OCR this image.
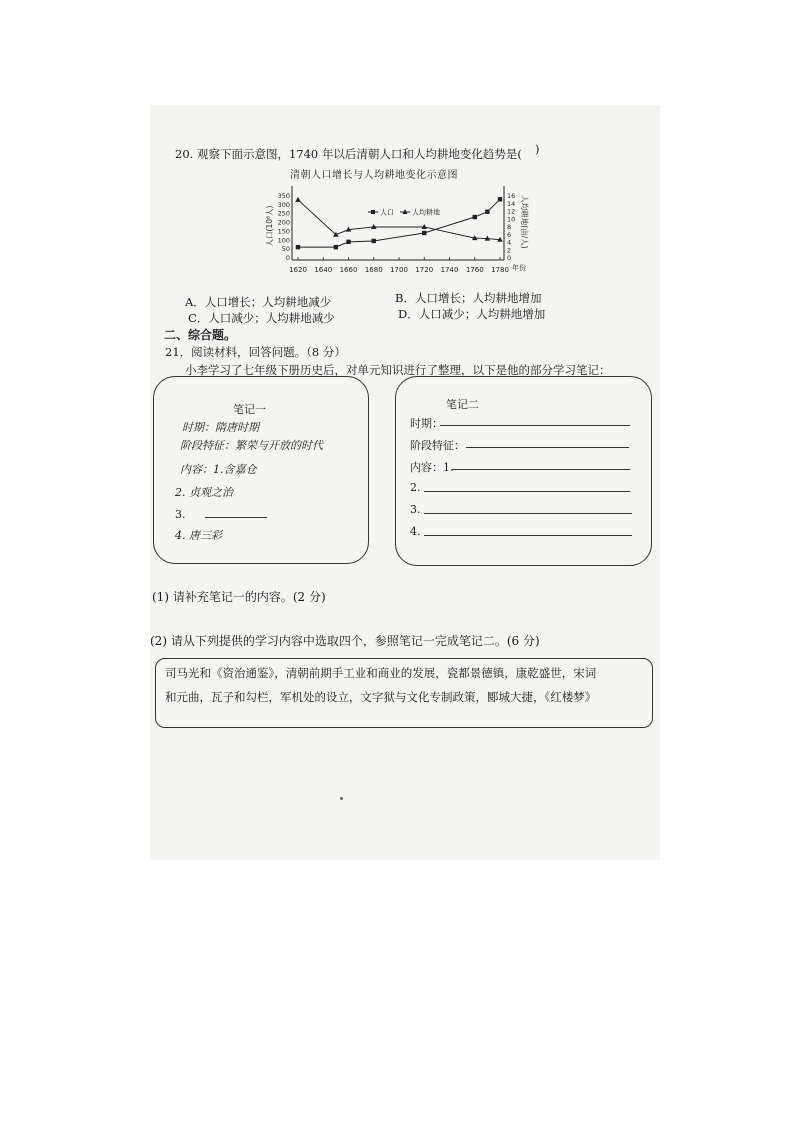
20. 观察下面示意图，1740 年以后清朝人口和人均耕地变化趋势是( )
清朝人口增长与人均耕地变化示意图
1620 1640 1660 1680 1700 1720 1740 1760 1780 年份
350
300
250
200
150
100
50
0
16
14
12
10
8
6
4
2
0
人口(10⁶人)	人均耕地(亩/人)
人口	人均耕地
A．人口增长；人均耕地减少	B．人口增长；人均耕地增加
C．人口减少；人均耕地减少	D．人口减少；人均耕地增加
二、综合题。
21．阅读材料，回答问题。（8 分）
小李学习了七年级下册历史后，对单元知识进行了整理，以下是他的部分学习笔记：
笔记一
时期：隋唐时期
阶段特征：繁荣与开放的时代
内容：1.含嘉仓
2. 贞观之治
3.
4. 唐三彩
笔记二
时期：
阶段特征：
内容：1.
2.
3.
4.
(1) 请补充笔记一的内容。(2 分)
(2) 请从下列提供的学习内容中选取四个，参照笔记一完成笔记二。(6 分)
司马光和《资治通鉴》，清朝前期手工业和商业的发展，瓷都景德镇，康乾盛世，宋词
和元曲，瓦子和勾栏，军机处的设立，文字狱与文化专制政策，郾城大捷，《红楼梦》
